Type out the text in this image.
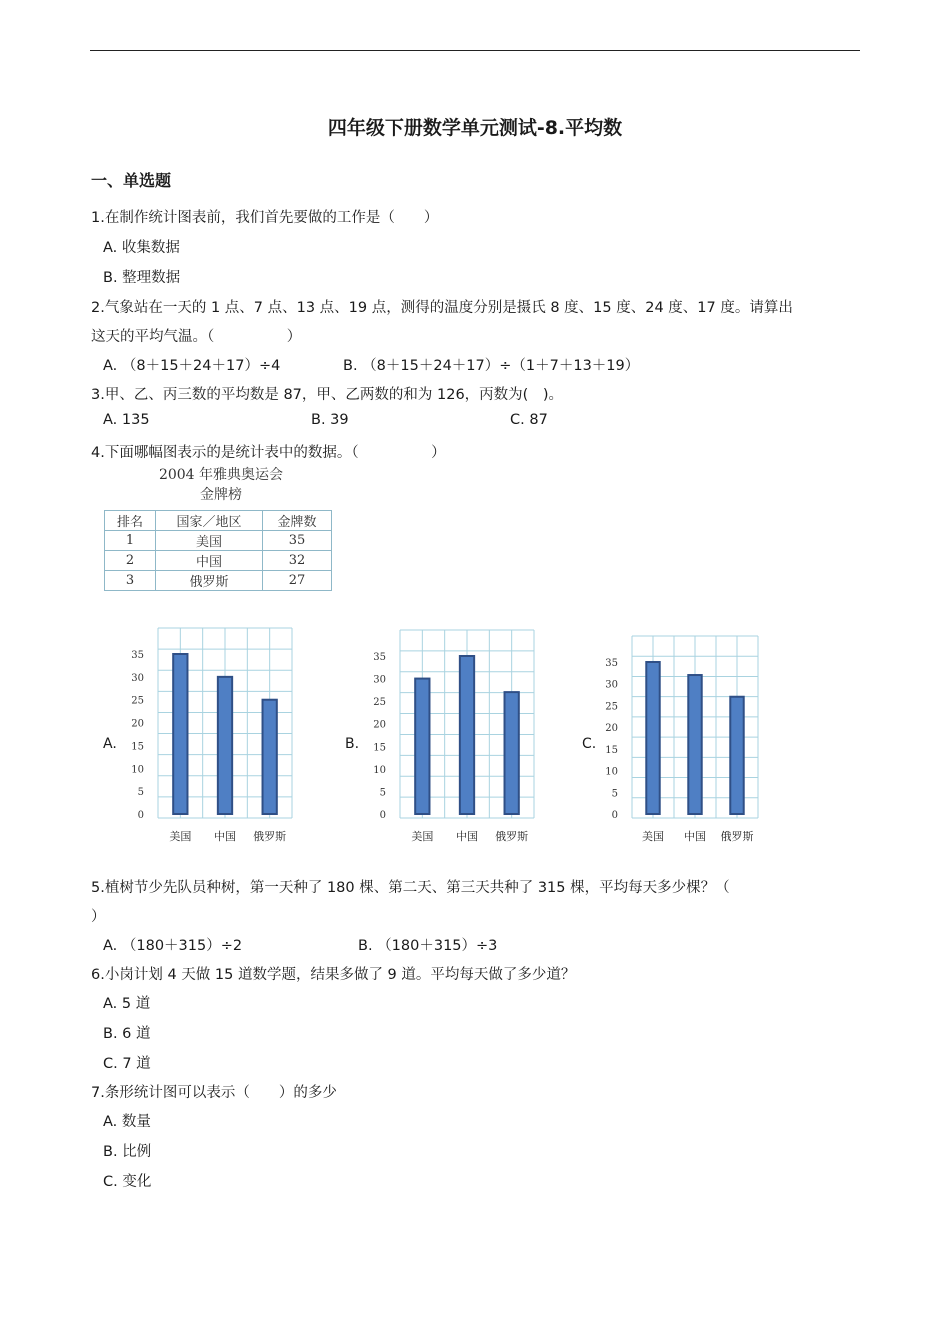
四年级下册数学单元测试-8.平均数
一、单选题
1.在制作统计图表前，我们首先要做的工作是（　　）
A. 收集数据
B. 整理数据
2.气象站在一天的 1 点、7 点、13 点、19 点，测得的温度分别是摄氏 8 度、15 度、24 度、17 度。请算出
这天的平均气温。（　　　　　）
A. （8＋15＋24＋17）÷4	B. （8＋15＋24＋17）÷（1＋7＋13＋19）
3.甲、乙、丙三数的平均数是 87，甲、乙两数的和为 126，丙数为(　)。
A. 135	B. 39	C. 87
4.下面哪幅图表示的是统计表中的数据。（　　　　　）
2004 年雅典奥运会
金牌榜
排名	国家／地区	金牌数
1	美国	35
2	中国	32
3	俄罗斯	27
A.	B.	C.
35
30
25
20
15
10
5
0
美国 中国 俄罗斯
35
30
25
20
15
10
5
0
美国 中国 俄罗斯
35
30
25
20
15
10
5
0
美国 中国 俄罗斯
5.植树节少先队员种树，第一天种了 180 棵、第二天、第三天共种了 315 棵，平均每天多少棵？（
）
A. （180＋315）÷2	B. （180＋315）÷3
6.小岗计划 4 天做 15 道数学题，结果多做了 9 道。平均每天做了多少道？
A. 5 道
B. 6 道
C. 7 道
7.条形统计图可以表示（　　）的多少
A. 数量
B. 比例
C. 变化
